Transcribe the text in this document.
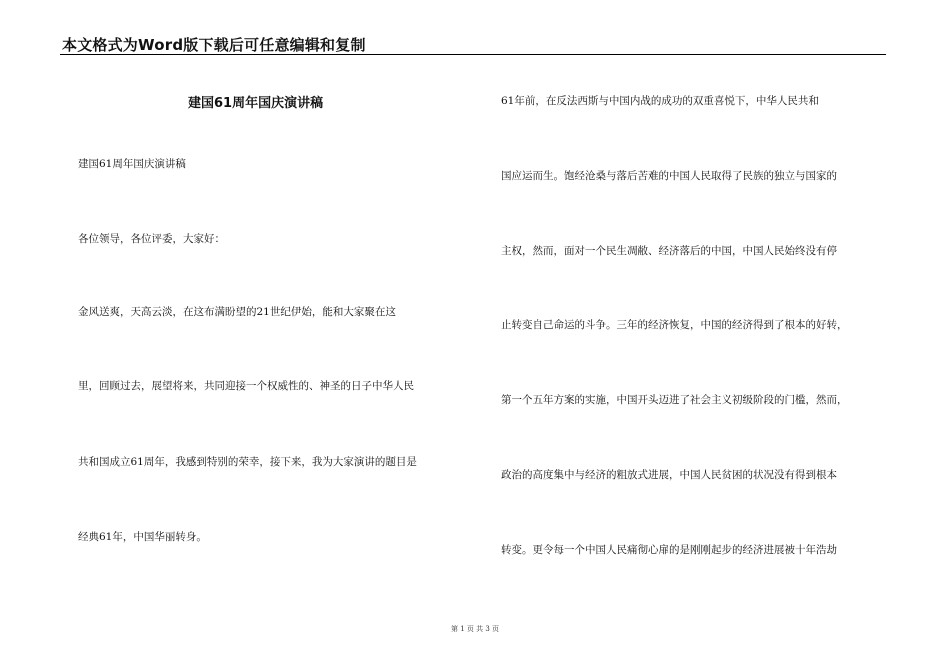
本文格式为Word版下载后可任意编辑和复制
建国61周年国庆演讲稿
建国61周年国庆演讲稿
各位领导，各位评委，大家好：
金风送爽，天高云淡，在这布满盼望的21世纪伊始，能和大家聚在这
里，回顾过去，展望将来，共同迎接一个权威性的、神圣的日子中华人民
共和国成立61周年，我感到特别的荣幸，接下来，我为大家演讲的题目是
经典61年，中国华丽转身。
61年前，在反法西斯与中国内战的成功的双重喜悦下，中华人民共和
国应运而生。饱经沧桑与落后苦难的中国人民取得了民族的独立与国家的
主权，然而，面对一个民生凋敝、经济落后的中国，中国人民始终没有停
止转变自己命运的斗争。三年的经济恢复，中国的经济得到了根本的好转，
第一个五年方案的实施，中国开头迈进了社会主义初级阶段的门槛，然而，
政治的高度集中与经济的粗放式进展，中国人民贫困的状况没有得到根本
转变。更令每一个中国人民痛彻心扉的是刚刚起步的经济进展被十年浩劫
第 1 页 共 3 页
